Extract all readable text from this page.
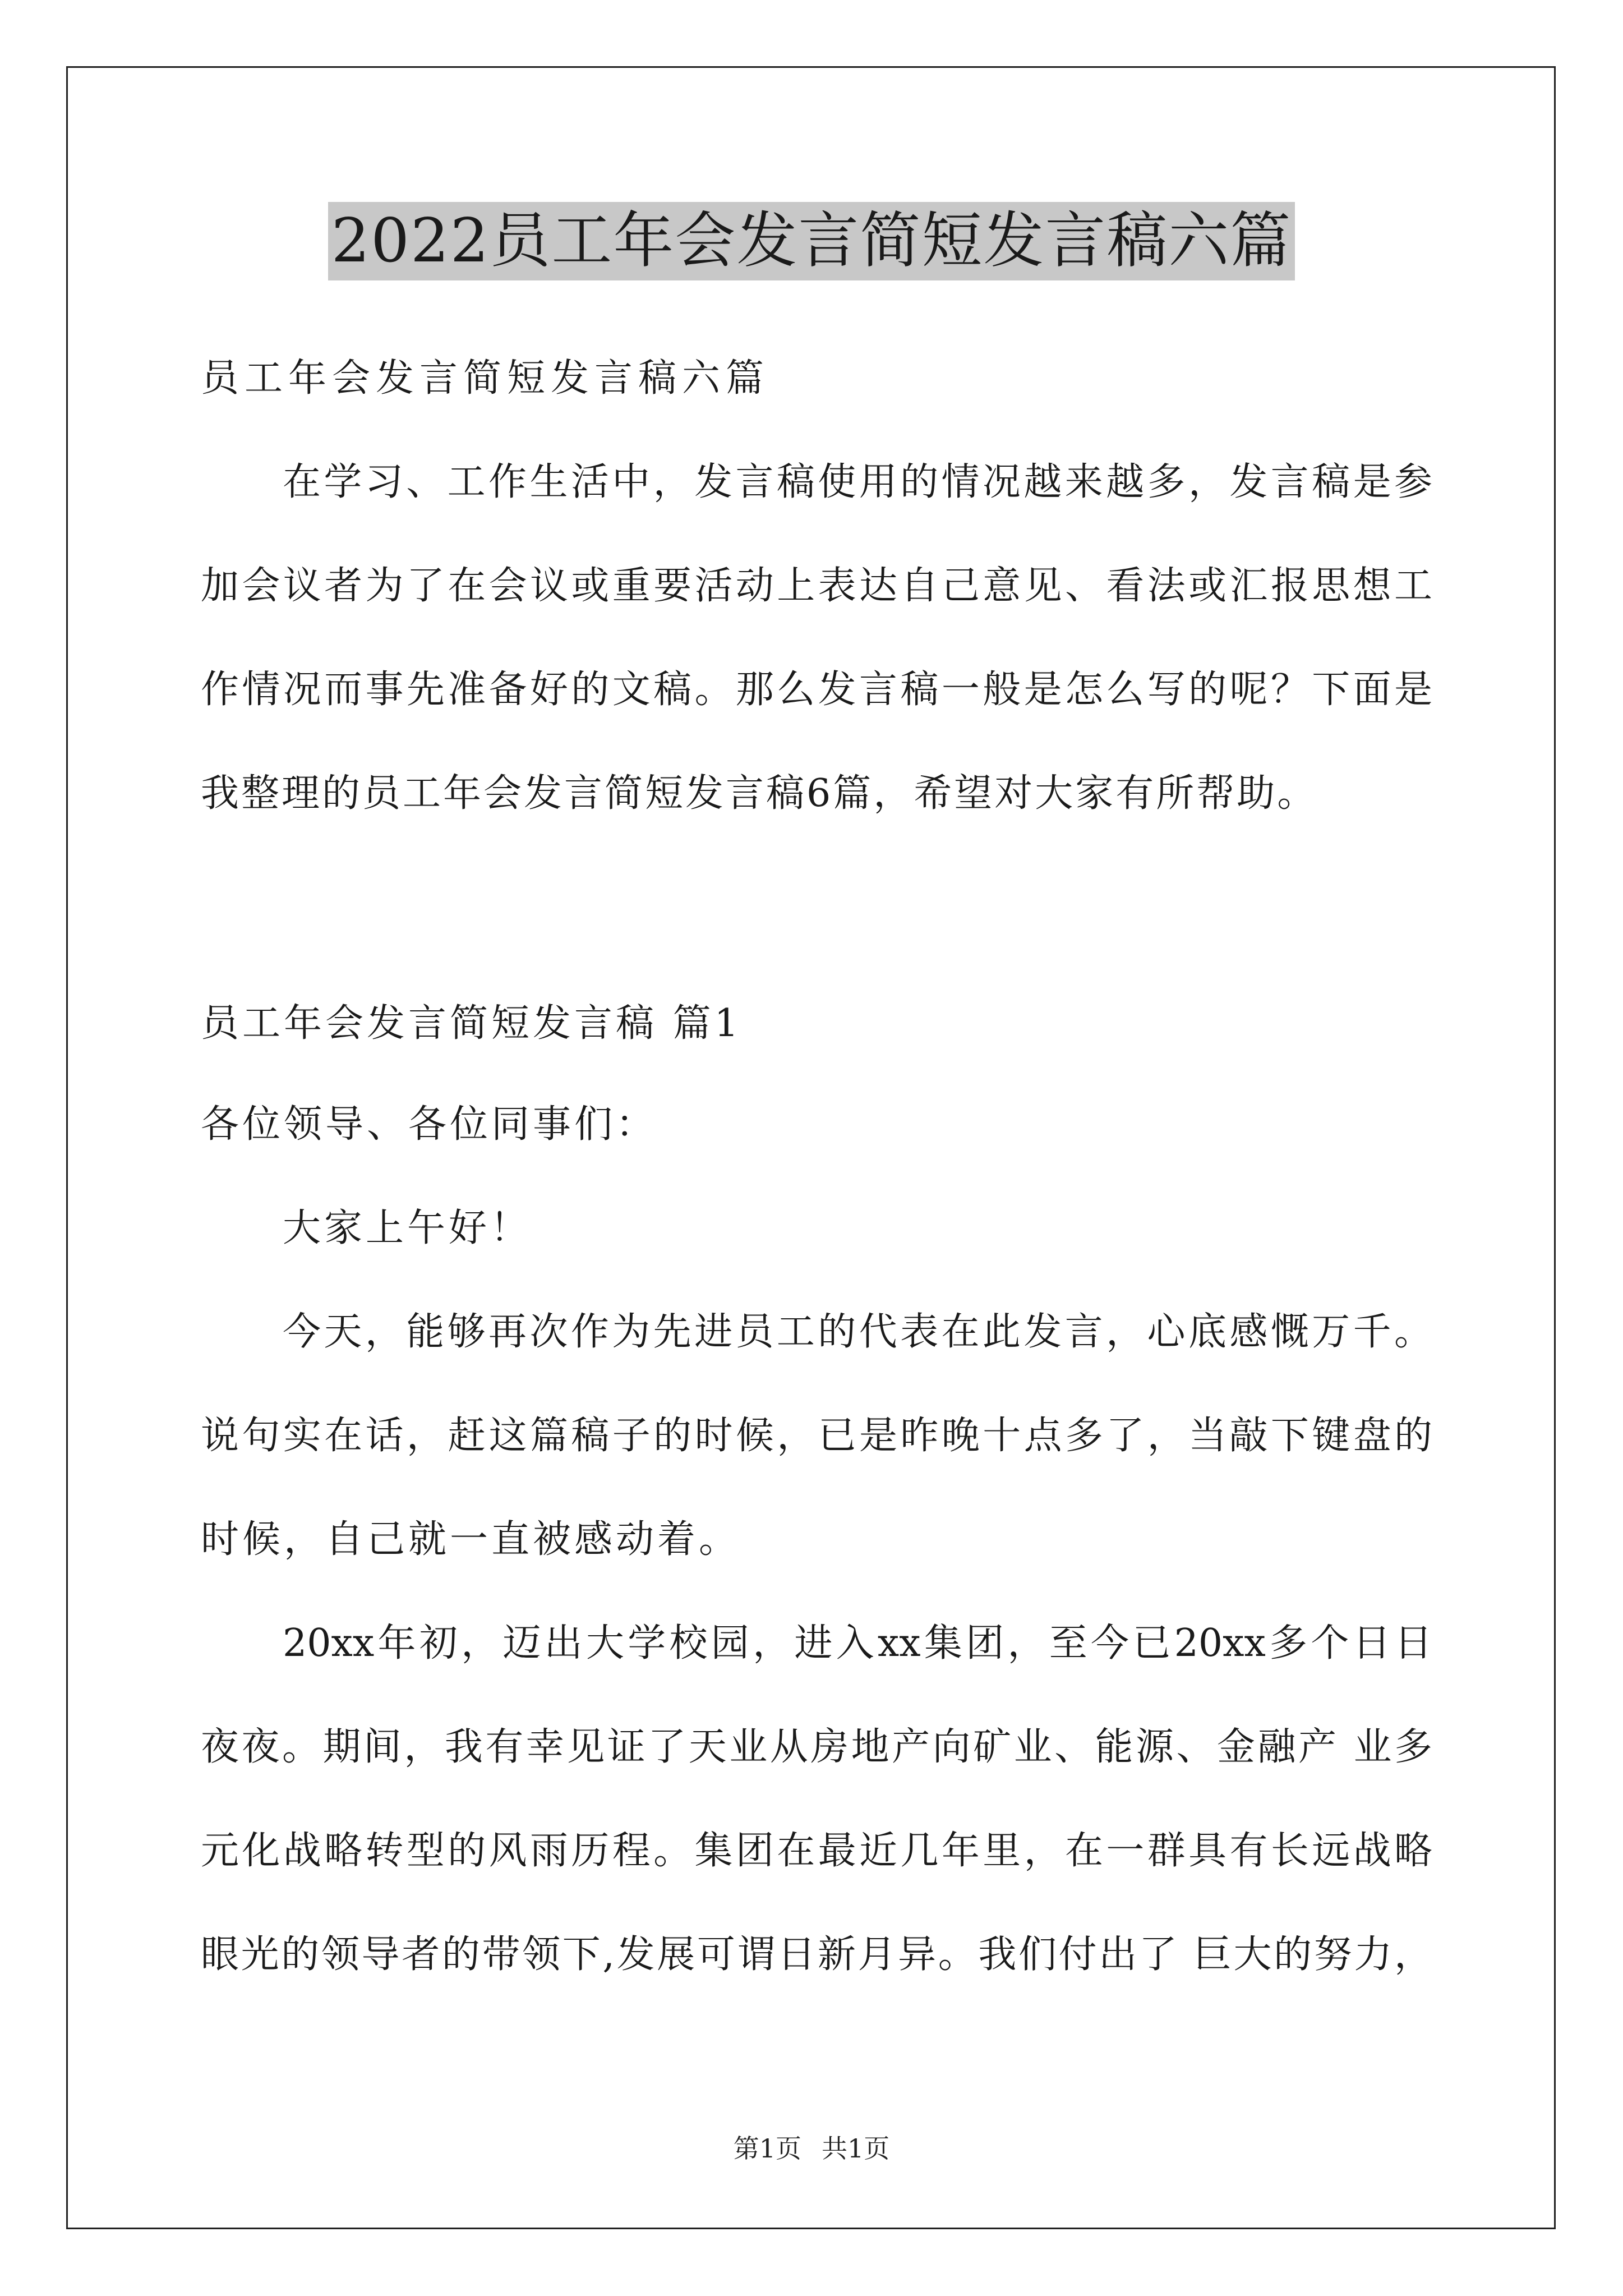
2022员工年会发言简短发言稿六篇
员工年会发言简短发言稿六篇
在学习、工作生活中，发言稿使用的情况越来越多，发言稿是参
加会议者为了在会议或重要活动上表达自己意见、看法或汇报思想工
作情况而事先准备好的文稿。那么发言稿一般是怎么写的呢？下面是
我整理的员工年会发言简短发言稿6篇，希望对大家有所帮助。
员工年会发言简短发言稿 篇1
各位领导、各位同事们：
大家上午好！
今天，能够再次作为先进员工的代表在此发言，心底感慨万千。
说句实在话，赶这篇稿子的时候，已是昨晚十点多了，当敲下键盘的
时候，自己就一直被感动着。
20xx年初，迈出大学校园，进入xx集团，至今已20xx多个日日
夜夜。期间，我有幸见证了天业从房地产向矿业、能源、金融产 业多
元化战略转型的风雨历程。集团在最近几年里，在一群具有长远战略
眼光的领导者的带领下,发展可谓日新月异。我们付出了 巨大的努力，
第1页 共1页
